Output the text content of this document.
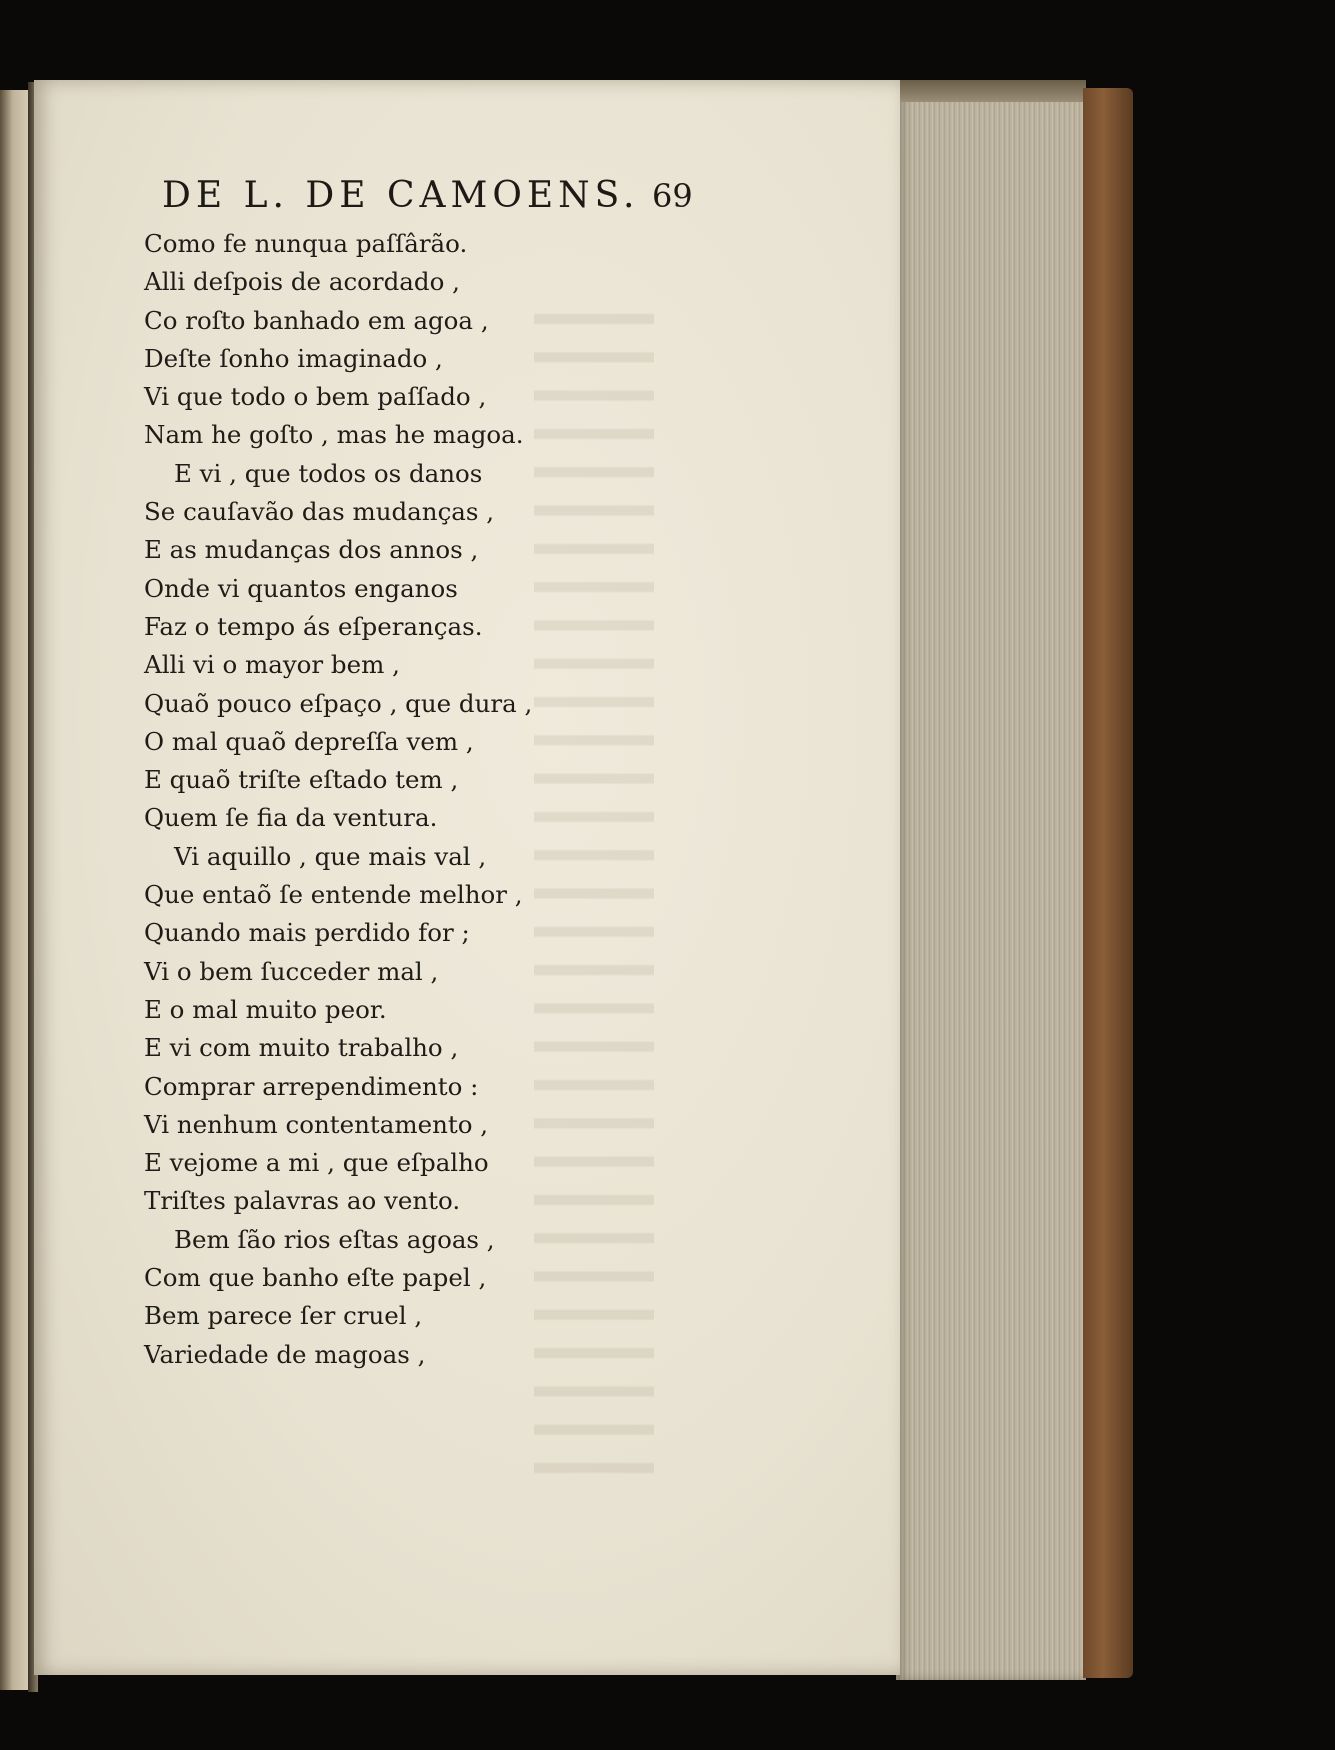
DE L. DE CAMOENS. 69
Como fe nunqua paſſârão.
Alli deſpois de acordado ,
Co roſto banhado em agoa ,
Deſte ſonho imaginado ,
Vi que todo o bem paſſado ,
Nam he goſto , mas he magoa.
E vi , que todos os danos
Se cauſavão das mudanças ,
E as mudanças dos annos ,
Onde vi quantos enganos
Faz o tempo ás eſperanças.
Alli vi o mayor bem ,
Quaõ pouco eſpaço , que dura ,
O mal quaõ depreſſa vem ,
E quaõ triſte eſtado tem ,
Quem ſe fia da ventura.
Vi aquillo , que mais val ,
Que entaõ ſe entende melhor ,
Quando mais perdido for ;
Vi o bem ſucceder mal ,
E o mal muito peor.
E vi com muito trabalho ,
Comprar arrependimento :
Vi nenhum contentamento ,
E vejome a mi , que eſpalho
Triſtes palavras ao vento.
Bem ſão rios eſtas agoas ,
Com que banho eſte papel ,
Bem parece ſer cruel ,
Variedade de magoas ,
